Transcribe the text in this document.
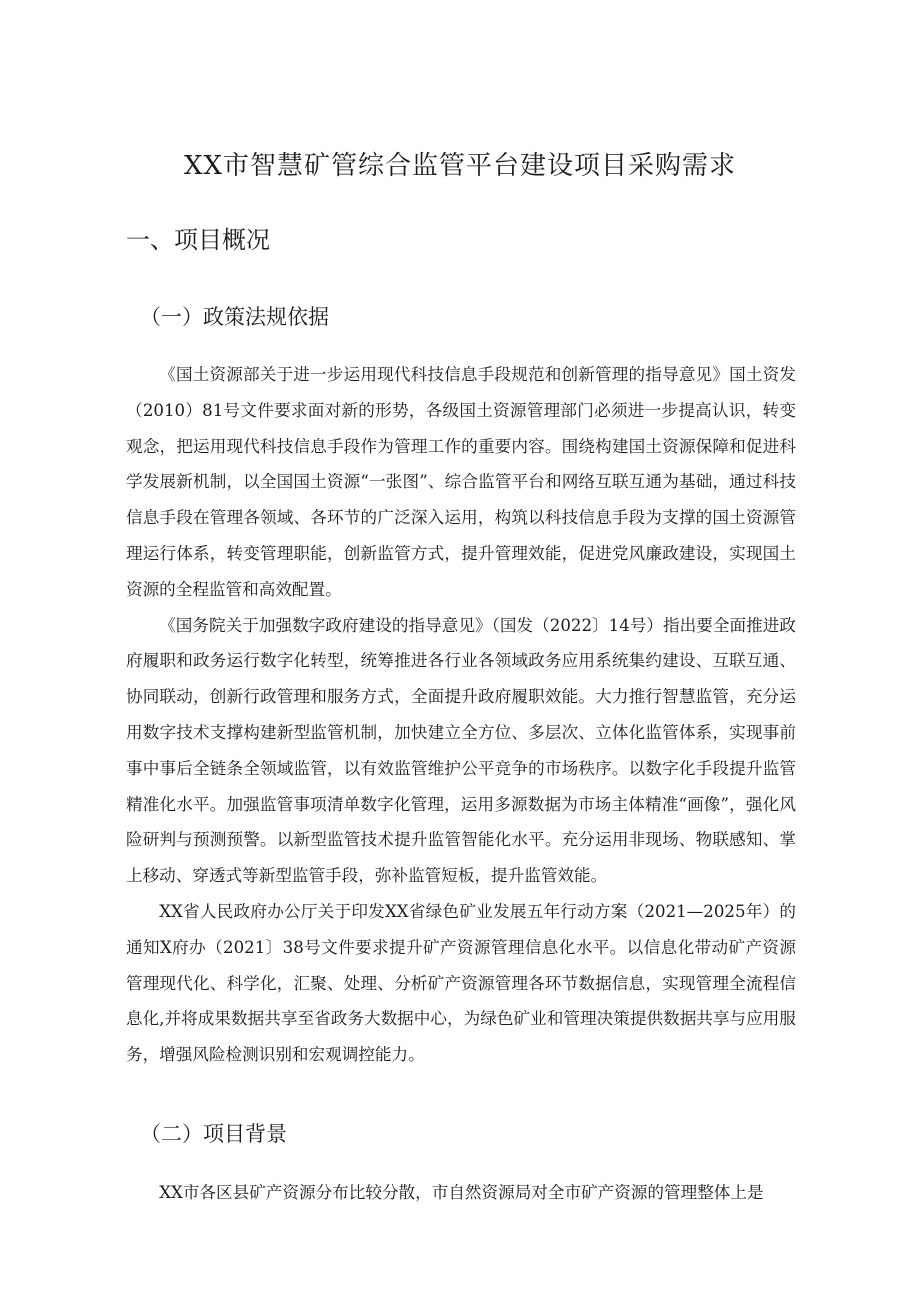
XX市智慧矿管综合监管平台建设项目采购需求
一、项目概况
（一）政策法规依据

《国土资源部关于进一步运用现代科技信息手段规范和创新管理的指导意见》国土资发（2010）81号文件要求面对新的形势，各级国土资源管理部门必须进一步提高认识，转变观念，把运用现代科技信息手段作为管理工作的重要内容。围绕构建国土资源保障和促进科学发展新机制，以全国国土资源“一张图”、综合监管平台和网络互联互通为基础，通过科技信息手段在管理各领域、各环节的广泛深入运用，构筑以科技信息手段为支撑的国土资源管理运行体系，转变管理职能，创新监管方式，提升管理效能，促进党风廉政建设，实现国土资源的全程监管和高效配置。

《国务院关于加强数字政府建设的指导意见》（国发（2022〕14号）指出要全面推进政府履职和政务运行数字化转型，统筹推进各行业各领域政务应用系统集约建设、互联互通、协同联动，创新行政管理和服务方式，全面提升政府履职效能。大力推行智慧监管，充分运用数字技术支撑构建新型监管机制，加快建立全方位、多层次、立体化监管体系，实现事前事中事后全链条全领域监管，以有效监管维护公平竞争的市场秩序。以数字化手段提升监管精准化水平。加强监管事项清单数字化管理，运用多源数据为市场主体精准“画像”，强化风险研判与预测预警。以新型监管技术提升监管智能化水平。充分运用非现场、物联感知、掌上移动、穿透式等新型监管手段，弥补监管短板，提升监管效能。

XX省人民政府办公厅关于印发XX省绿色矿业发展五年行动方案（2021—2025年）的通知X府办（2021〕38号文件要求提升矿产资源管理信息化水平。以信息化带动矿产资源管理现代化、科学化，汇聚、处理、分析矿产资源管理各环节数据信息，实现管理全流程信息化,并将成果数据共享至省政务大数据中心，为绿色矿业和管理决策提供数据共享与应用服务，增强风险检测识别和宏观调控能力。

（二）项目背景

XX市各区县矿产资源分布比较分散，市自然资源局对全市矿产资源的管理整体上是
